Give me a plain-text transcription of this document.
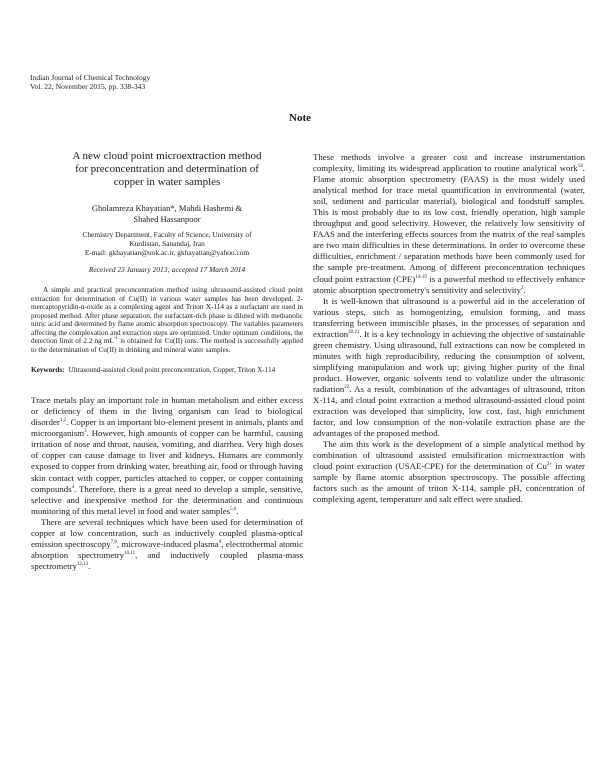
Indian Journal of Chemical Technology
Vol. 22, November 2015, pp. 338-343
Note
A new cloud point microextraction method
for preconcentration and determination of
copper in water samples
Gholamreza Khayatian*, Mahdi Hashemi &
Shahed Hassanpoor
Chemistry Department, Faculty of Science, University of
Kurdistan, Sanandaj, Iran
E-mail: gkhayatian@uok.ac.ir, gkhayatian@yahoo.com
Received 23 January 2013; accepted 17 March 2014
A simple and practical preconcentration method using ultrasound-assisted cloud point extraction for determination of Cu(II) in various water samples has been developed. 2-mercaptopyridin-n-oxide as a complexing agent and Triton X-114 as a surfactant are used in proposed method. After phase separation, the surfactant-rich phase is diluted with methanolic nitric acid and determined by flame atomic absorption spectroscopy. The variables parameters affecting the complexation and extraction steps are optimized. Under optimum conditions, the detection limit of 2.2 ng $mL^{-1}$ is obtained for Cu(II) ions. The method is successfully applied to the determination of Cu(II) in drinking and mineral water samples.
Keywords: Ultrasound-assisted cloud point preconcentration, Copper, Triton X-114

Trace metals play an important role in human metabolism and either excess or deficiency of them in the living organism can lead to biological disorder$^{1,2}$. Copper is an important bio-element present in animals, plants and microorganism$^3$. However, high amounts of copper can be harmful, causing irritation of nose and throat, nausea, vomiting, and diarrhea. Very high doses of copper can cause damage to liver and kidneys. Humans are commonly exposed to copper from drinking water, breathing air, food or through having skin contact with copper, particles attached to copper, or copper containing compounds$^4$. Therefore, there is a great need to develop a simple, sensitive, selective and inexpensive method for the determination and continuous monitoring of this metal level in food and water samples$^{5,6}$.

There are several techniques which have been used for determination of copper at low concentration, such as inductively coupled plasma-optical emission spectroscopy$^{7,8}$, microwave-induced plasma$^9$, electrothermal atomic absorption spectrometry$^{10,11}$, and inductively coupled plasma-mass spectrometry$^{12,13}$.

These methods involve a greater cost and increase instrumentation complexity, limiting its widespread application to routine analytical work$^{14}$. Flame atomic absorption spectrometry (FAAS) is the most widely used analytical method for trace metal quantification in environmental (water, soil, sediment and particular material), biological and foodstuff samples. This is most probably due to its low cost, friendly operation, high sample throughput and good selectivity. However, the relatively low sensitivity of FAAS and the interfering effects sources from the matrix of the real samples are two main difficulties in these determinations. In order to overcome these difficulties, enrichment / separation methods have been commonly used for the sample pre-treatment. Among of different preconcentration techniques cloud point extraction (CPE)$^{14-19}$ is a powerful method to effectively enhance atomic absorption spectrometry's sensitivity and selectivity$^2$.

It is well-known that ultrasound is a powerful aid in the acceleration of various steps, such as homogenizing, emulsion forming, and mass transferring between immiscible phases, in the processes of separation and extraction$^{20,21}$. It is a key technology in achieving the objective of sustainable green chemistry. Using ultrasound, full extractions can now be completed in minutes with high reproducibility, reducing the consumption of solvent, simplifying manipulation and work up; giving higher purity of the final product. However, organic solvents tend to volatilize under the ultrasonic radiation$^{22}$. As a result, combination of the advantages of ultrasound, triton X-114, and cloud point extraction a method ultrasound-assisted cloud point extraction was developed that simplicity, low cost, fast, high enrichment factor, and low consumption of the non-volatile extraction phase are the advantages of the proposed method.

The aim this work is the development of a simple analytical method by combination of ultrasound assisted emulsification microextraction with cloud point extraction (USAE-CPE) for the determination of $Cu^{2+}$ in water sample by flame atomic absorption spectroscopy. The possible affecting factors such as the amount of triton X-114, sample pH, concentration of complexing agent, temperature and salt effect were studied.
